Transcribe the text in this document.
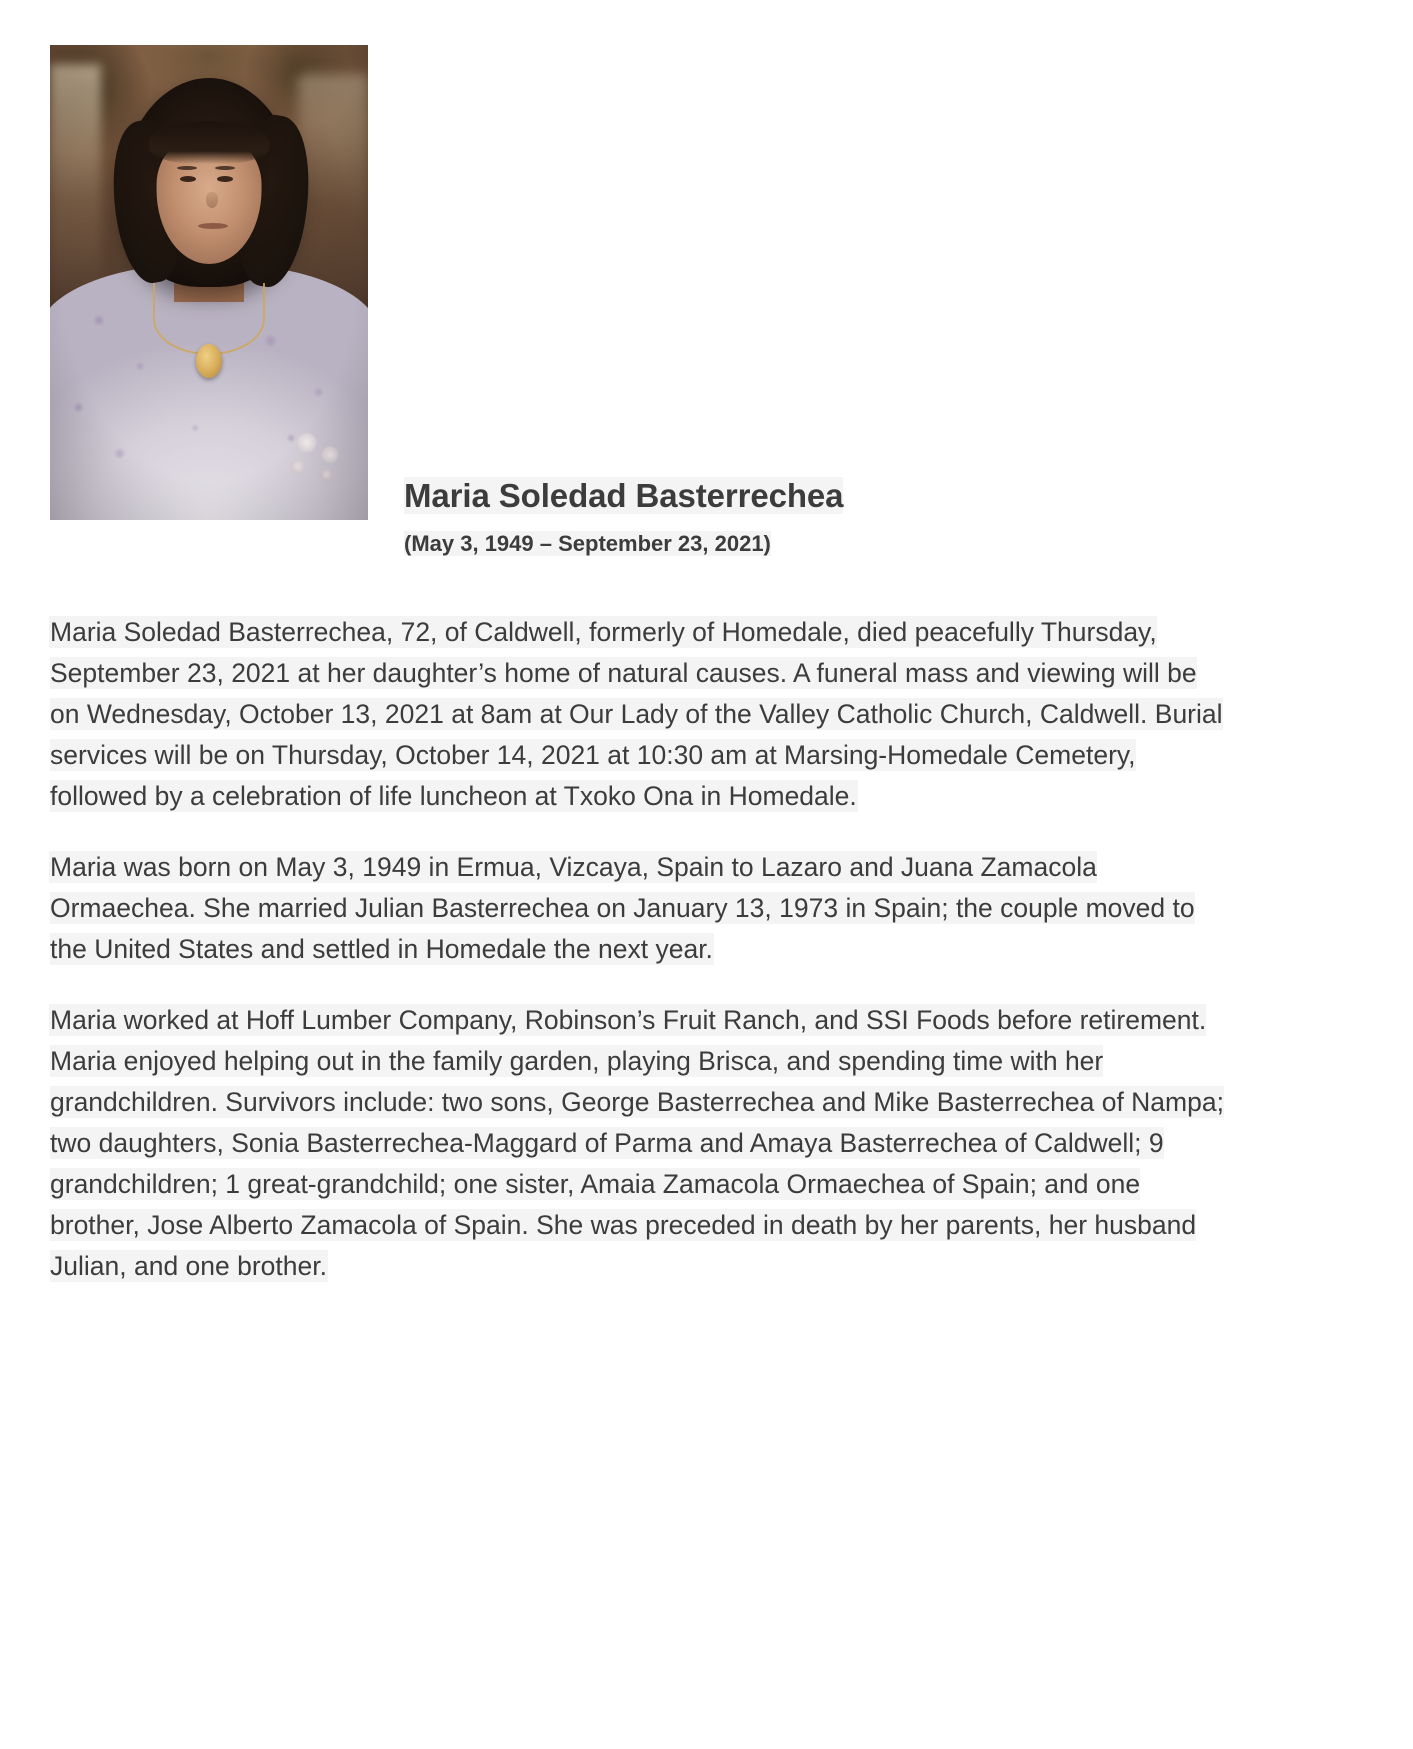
Maria Soledad Basterrechea
(May 3, 1949 – September 23, 2021)

Maria Soledad Basterrechea, 72, of Caldwell, formerly of Homedale, died peacefully Thursday, September 23, 2021 at her daughter’s home of natural causes. A funeral mass and viewing will be on Wednesday, October 13, 2021 at 8am at Our Lady of the Valley Catholic Church, Caldwell. Burial services will be on Thursday, October 14, 2021 at 10:30 am at Marsing-Homedale Cemetery, followed by a celebration of life luncheon at Txoko Ona in Homedale.

Maria was born on May 3, 1949 in Ermua, Vizcaya, Spain to Lazaro and Juana Zamacola Ormaechea. She married Julian Basterrechea on January 13, 1973 in Spain; the couple moved to the United States and settled in Homedale the next year.

Maria worked at Hoff Lumber Company, Robinson’s Fruit Ranch, and SSI Foods before retirement. Maria enjoyed helping out in the family garden, playing Brisca, and spending time with her grandchildren. Survivors include: two sons, George Basterrechea and Mike Basterrechea of Nampa; two daughters, Sonia Basterrechea-Maggard of Parma and Amaya Basterrechea of Caldwell; 9 grandchildren; 1 great-grandchild; one sister, Amaia Zamacola Ormaechea of Spain; and one brother, Jose Alberto Zamacola of Spain. She was preceded in death by her parents, her husband Julian, and one brother.
